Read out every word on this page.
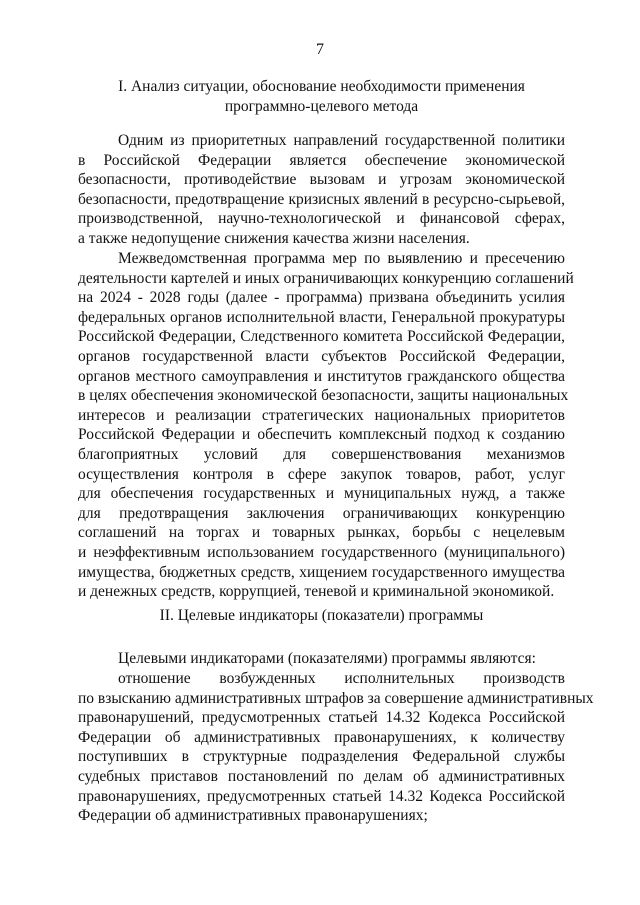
7
I. Анализ ситуации, обоснование необходимости применения
программно-целевого метода
Одним из приоритетных направлений государственной политики
в Российской Федерации является обеспечение экономической
безопасности, противодействие вызовам и угрозам экономической
безопасности, предотвращение кризисных явлений в ресурсно-сырьевой,
производственной, научно-технологической и финансовой сферах,
а также недопущение снижения качества жизни населения.
Межведомственная программа мер по выявлению и пресечению
деятельности картелей и иных ограничивающих конкуренцию соглашений
на 2024 - 2028 годы (далее - программа) призвана объединить усилия
федеральных органов исполнительной власти, Генеральной прокуратуры
Российской Федерации, Следственного комитета Российской Федерации,
органов государственной власти субъектов Российской Федерации,
органов местного самоуправления и институтов гражданского общества
в целях обеспечения экономической безопасности, защиты национальных
интересов и реализации стратегических национальных приоритетов
Российской Федерации и обеспечить комплексный подход к созданию
благоприятных условий для совершенствования механизмов
осуществления контроля в сфере закупок товаров, работ, услуг
для обеспечения государственных и муниципальных нужд, а также
для предотвращения заключения ограничивающих конкуренцию
соглашений на торгах и товарных рынках, борьбы с нецелевым
и неэффективным использованием государственного (муниципального)
имущества, бюджетных средств, хищением государственного имущества
и денежных средств, коррупцией, теневой и криминальной экономикой.
II. Целевые индикаторы (показатели) программы
Целевыми индикаторами (показателями) программы являются:
отношение возбужденных исполнительных производств
по взысканию административных штрафов за совершение административных
правонарушений, предусмотренных статьей 14.32 Кодекса Российской
Федерации об административных правонарушениях, к количеству
поступивших в структурные подразделения Федеральной службы
судебных приставов постановлений по делам об административных
правонарушениях, предусмотренных статьей 14.32 Кодекса Российской
Федерации об административных правонарушениях;
